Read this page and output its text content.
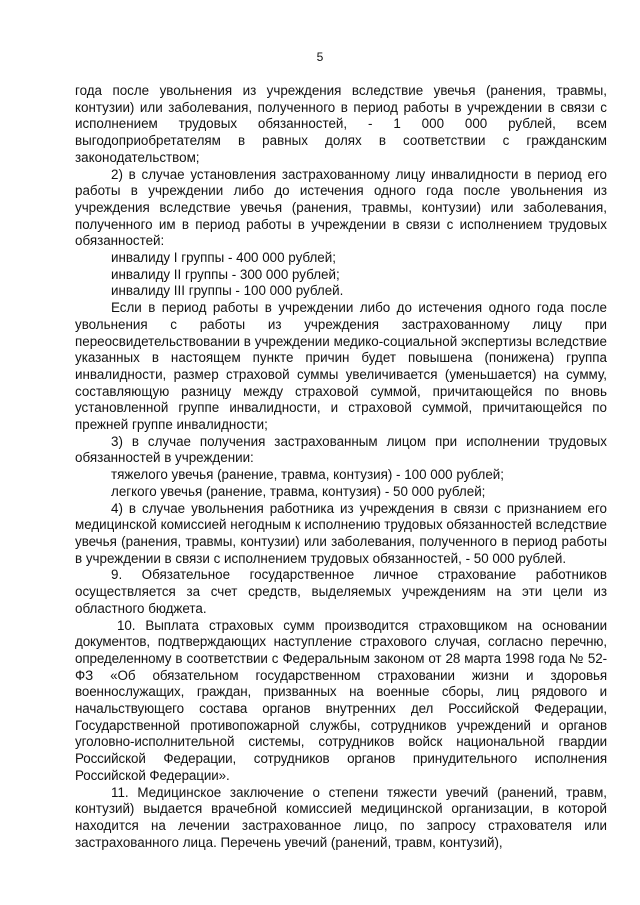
5

года после увольнения из учреждения вследствие увечья (ранения, травмы, контузии) или заболевания, полученного в период работы в учреждении в связи с исполнением трудовых обязанностей, - 1 000 000 рублей, всем выгодоприобретателям в равных долях в соответствии с гражданским законодательством;

2) в случае установления застрахованному лицу инвалидности в период его работы в учреждении либо до истечения одного года после увольнения из учреждения вследствие увечья (ранения, травмы, контузии) или заболевания, полученного им в период работы в учреждении в связи с исполнением трудовых обязанностей:

инвалиду I группы - 400 000 рублей;

инвалиду II группы - 300 000 рублей;

инвалиду III группы - 100 000 рублей.

Если в период работы в учреждении либо до истечения одного года после увольнения с работы из учреждения застрахованному лицу при переосвидетельствовании в учреждении медико-социальной экспертизы вследствие указанных в настоящем пункте причин будет повышена (понижена) группа инвалидности, размер страховой суммы увеличивается (уменьшается) на сумму, составляющую разницу между страховой суммой, причитающейся по вновь установленной группе инвалидности, и страховой суммой, причитающейся по прежней группе инвалидности;

3) в случае получения застрахованным лицом при исполнении трудовых обязанностей в учреждении:

тяжелого увечья (ранение, травма, контузия) - 100 000 рублей;

легкого увечья (ранение, травма, контузия) - 50 000 рублей;

4) в случае увольнения работника из учреждения в связи с признанием его медицинской комиссией негодным к исполнению трудовых обязанностей вследствие увечья (ранения, травмы, контузии) или заболевания, полученного в период работы в учреждении в связи с исполнением трудовых обязанностей, - 50 000 рублей.

9. Обязательное государственное личное страхование работников осуществляется за счет средств, выделяемых учреждениям на эти цели из областного бюджета.

10. Выплата страховых сумм производится страховщиком на основании документов, подтверждающих наступление страхового случая, согласно перечню, определенному в соответствии с Федеральным законом от 28 марта 1998 года № 52-ФЗ «Об обязательном государственном страховании жизни и здоровья военнослужащих, граждан, призванных на военные сборы, лиц рядового и начальствующего состава органов внутренних дел Российской Федерации, Государственной противопожарной службы, сотрудников учреждений и органов уголовно-исполнительной системы, сотрудников войск национальной гвардии Российской Федерации, сотрудников органов принудительного исполнения Российской Федерации».

11. Медицинское заключение о степени тяжести увечий (ранений, травм, контузий) выдается врачебной комиссией медицинской организации, в которой находится на лечении застрахованное лицо, по запросу страхователя или застрахованного лица. Перечень увечий (ранений, травм, контузий),
